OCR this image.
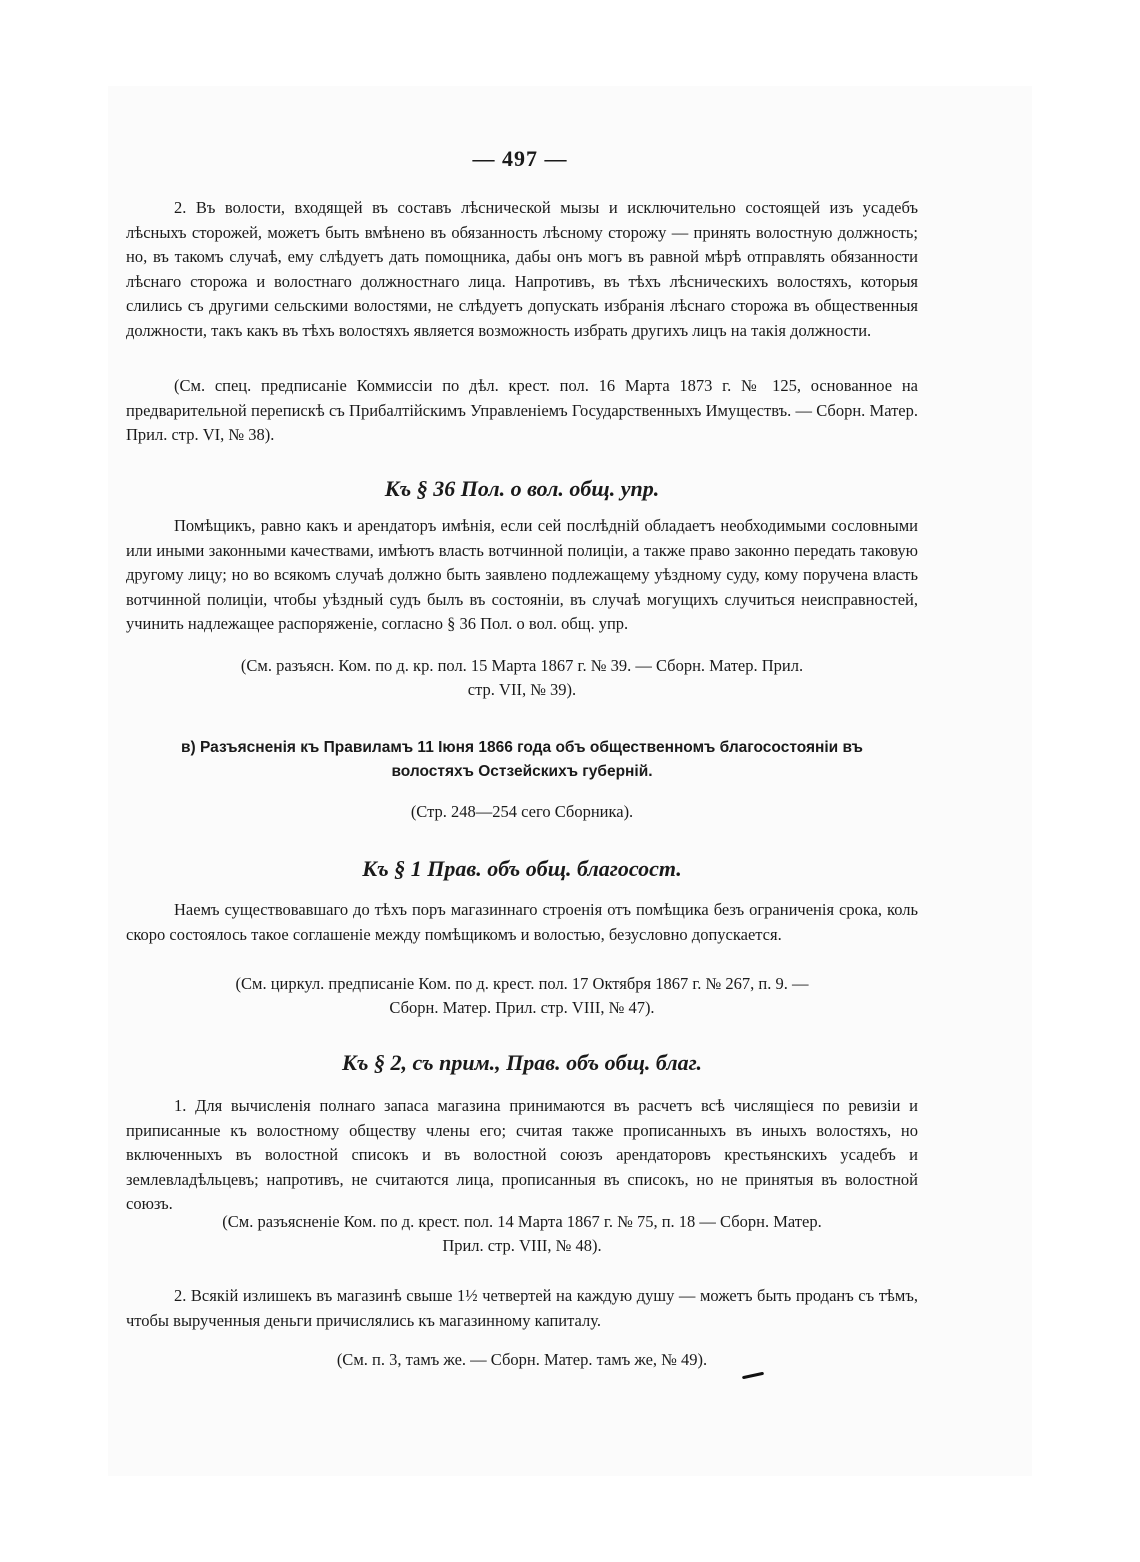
— 497 —

2. Въ волости, входящей въ составъ лѣснической мызы и исключительно состоящей изъ усадебъ лѣсныхъ сторожей, можетъ быть вмѣнено въ обязанность лѣсному сторожу — принять волостную должность; но, въ такомъ случаѣ, ему слѣдуетъ дать помощника, дабы онъ могъ въ равной мѣрѣ отправлять обязанности лѣснаго сторожа и волостнаго должностнаго лица. Напротивъ, въ тѣхъ лѣсническихъ волостяхъ, которыя слились съ другими сельскими волостями, не слѣдуетъ допускать избранія лѣснаго сторожа въ общественныя должности, такъ какъ въ тѣхъ волостяхъ является возможность избрать другихъ лицъ на такія должности.

(См. спец. предписаніе Коммиссіи по дѣл. крест. пол. 16 Марта 1873 г. № 125, основанное на предварительной перепискѣ съ Прибалтійскимъ Управленіемъ Государственныхъ Имуществъ. — Сборн. Матер. Прил. стр. VI, № 38).

Къ § 36 Пол. о вол. общ. упр.

Помѣщикъ, равно какъ и арендаторъ имѣнія, если сей послѣдній обладаетъ необходимыми сословными или иными законными качествами, имѣютъ власть вотчинной полиціи, а также право законно передать таковую другому лицу; но во всякомъ случаѣ должно быть заявлено подлежащему уѣздному суду, кому поручена власть вотчинной полиціи, чтобы уѣздный судъ былъ въ состояніи, въ случаѣ могущихъ случиться неисправностей, учинить надлежащее распоряженіе, согласно § 36 Пол. о вол. общ. упр.

(См. разъясн. Ком. по д. кр. пол. 15 Марта 1867 г. № 39. — Сборн. Матер. Прил.

стр. VII, № 39).

в) Разъясненія къ Правиламъ 11 Іюня 1866 года объ общественномъ благосостояніи въ

волостяхъ Остзейскихъ губерній.

(Стр. 248—254 сего Сборника).

Къ § 1 Прав. объ общ. благосост.

Наемъ существовавшаго до тѣхъ поръ магазиннаго строенія отъ помѣщика безъ ограниченія срока, коль скоро состоялось такое соглашеніе между помѣщикомъ и волостью, безусловно допускается.

(См. циркул. предписаніе Ком. по д. крест. пол. 17 Октября 1867 г. № 267, п. 9. —

Сборн. Матер. Прил. стр. VIII, № 47).

Къ § 2, съ прим., Прав. объ общ. благ.

1. Для вычисленія полнаго запаса магазина принимаются въ расчетъ всѣ числящіеся по ревизіи и приписанные къ волостному обществу члены его; считая также прописанныхъ въ иныхъ волостяхъ, но включенныхъ въ волостной списокъ и въ волостной союзъ арендаторовъ крестьянскихъ усадебъ и землевладѣльцевъ; напротивъ, не считаются лица, прописанныя въ списокъ, но не принятыя въ волостной союзъ.

(См. разъясненіе Ком. по д. крест. пол. 14 Марта 1867 г. № 75, п. 18 — Сборн. Матер.

Прил. стр. VIII, № 48).

2. Всякій излишекъ въ магазинѣ свыше 1½ четвертей на каждую душу — можетъ быть проданъ съ тѣмъ, чтобы вырученныя деньги причислялись къ магазинному капиталу.

(См. п. 3, тамъ же. — Сборн. Матер. тамъ же, № 49).
